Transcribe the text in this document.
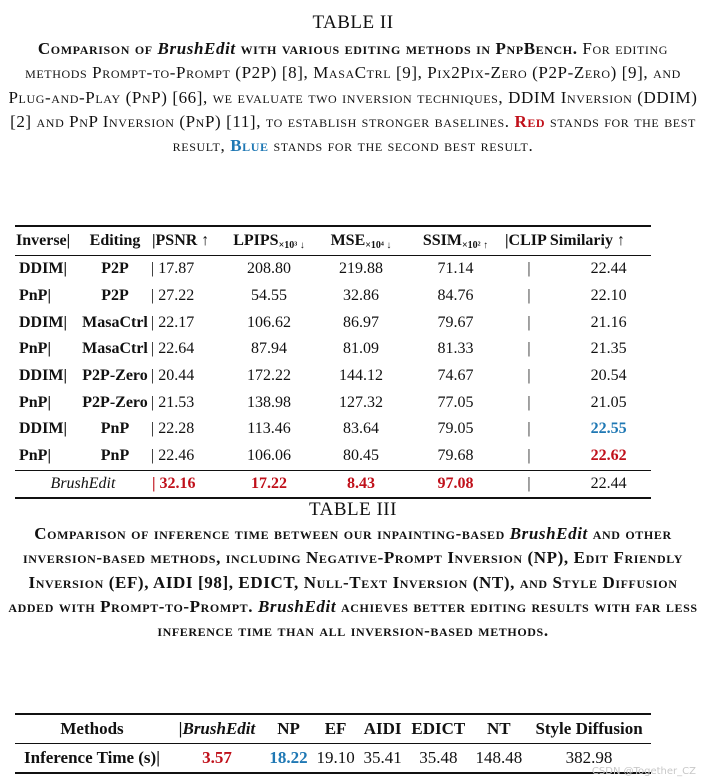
TABLE II
Comparison of BrushEdit with various editing methods in PnpBench. For editing methods Prompt-to-Prompt (P2P) [8], MasaCtrl [9], Pix2Pix-Zero (P2P-Zero) [9], and Plug-and-Play (PnP) [66], we evaluate two inversion techniques, DDIM Inversion (DDIM) [2] and PnP Inversion (PnP) [11], to establish stronger baselines. Red stands for the best result, Blue stands for the second best result.
Inverse|	Editing	|PSNR ↑	$LPIPS_{\times 10^3 ↓}$	$MSE_{\times 10^4 ↓}$	$SSIM_{\times 10^2 ↑}$	|CLIP Similariy ↑
DDIM|	P2P	| 17.87	208.80	219.88	71.14	| 22.44
PnP|	P2P	| 27.22	54.55	32.86	84.76	| 22.10
DDIM|	MasaCtrl	| 22.17	106.62	86.97	79.67	| 21.16
PnP|	MasaCtrl	| 22.64	87.94	81.09	81.33	| 21.35
DDIM|	P2P-Zero	| 20.44	172.22	144.12	74.67	| 20.54
PnP|	P2P-Zero	| 21.53	138.98	127.32	77.05	| 21.05
DDIM|	PnP	| 22.28	113.46	83.64	79.05	| 22.55
PnP|	PnP	| 22.46	106.06	80.45	79.68	| 22.62
BrushEdit		| 32.16	17.22	8.43	97.08	| 22.44
TABLE III
Comparison of inference time between our inpainting-based BrushEdit and other inversion-based methods, including Negative-Prompt Inversion (NP), Edit Friendly Inversion (EF), AIDI [98], EDICT, Null-Text Inversion (NT), and Style Diffusion added with Prompt-to-Prompt. BrushEdit achieves better editing results with far less inference time than all inversion-based methods.
Methods	|BrushEdit	NP	EF	AIDI	EDICT	NT	Style Diffusion
Inference Time (s)|	3.57	18.22	19.10	35.41	35.48	148.48	382.98
CSDN @Together_CZ
